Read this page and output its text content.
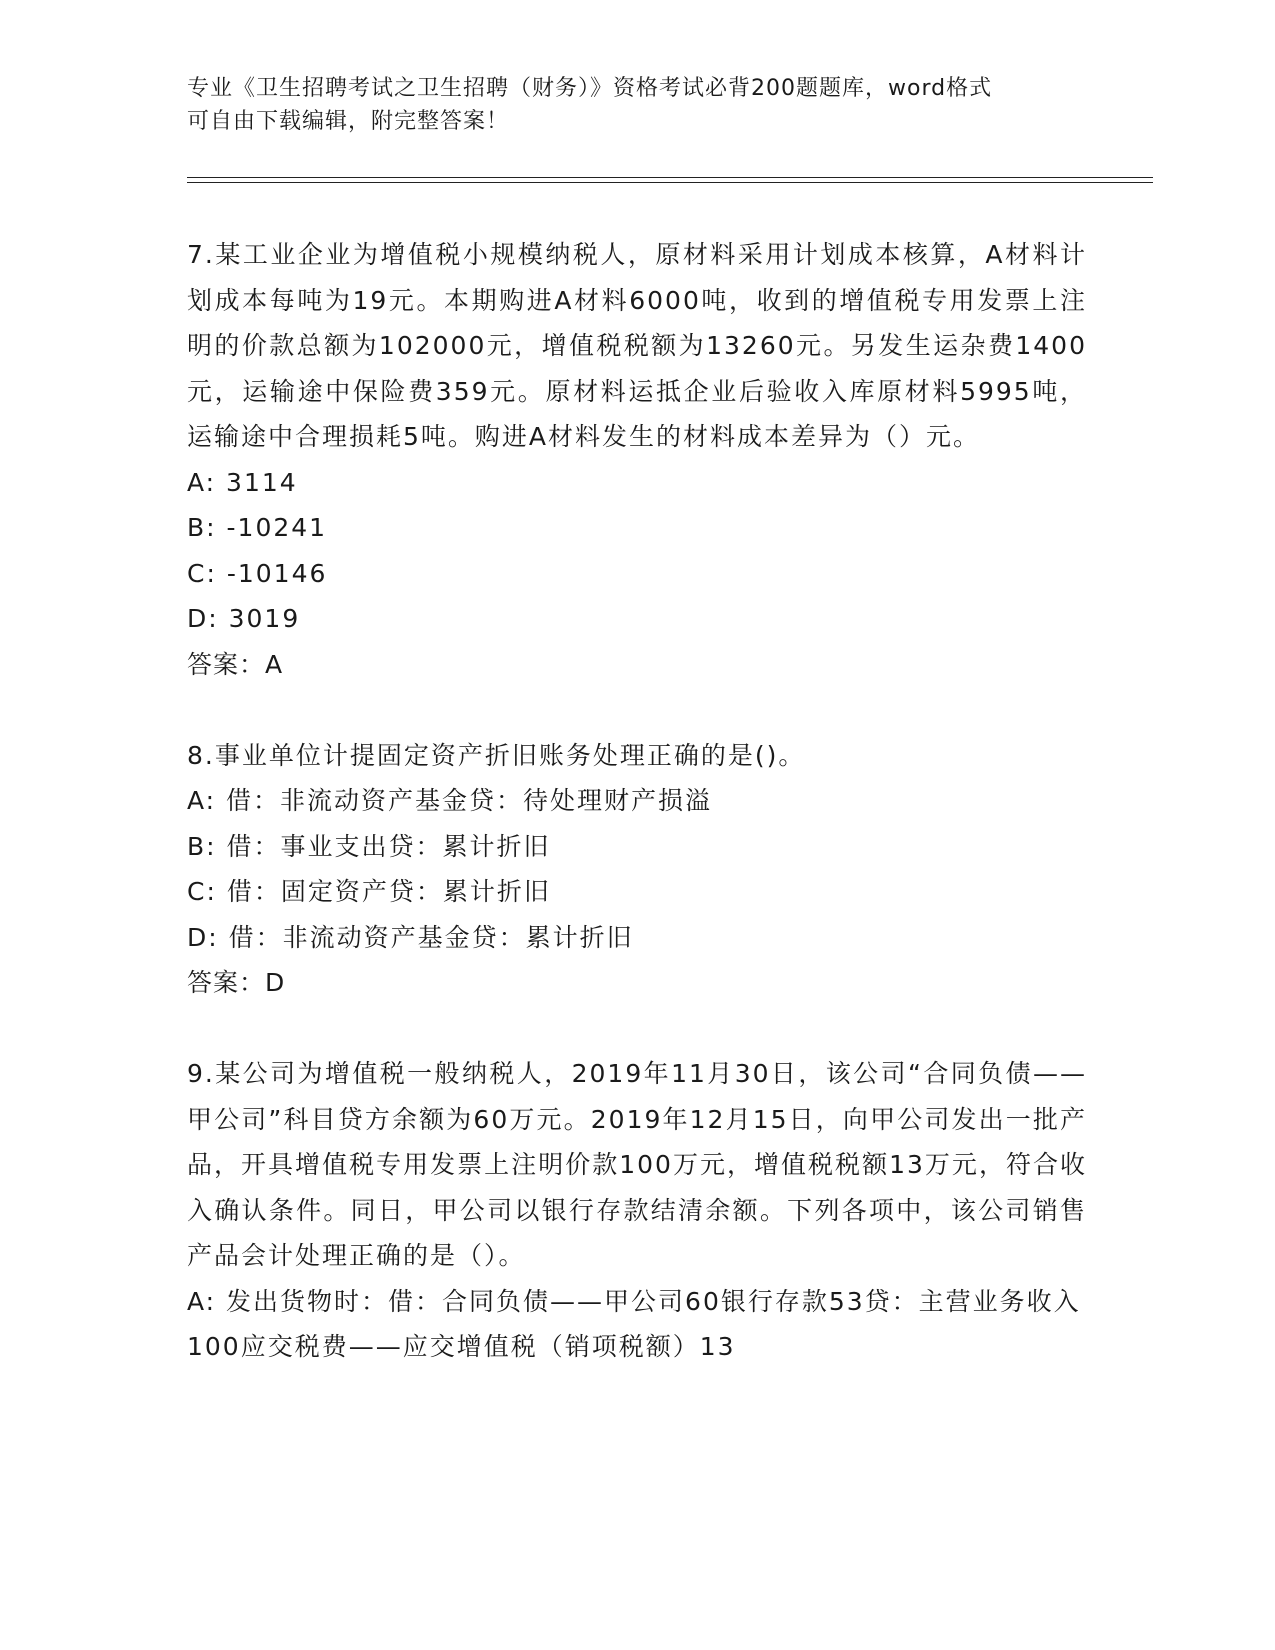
专业《卫生招聘考试之卫生招聘（财务）》资格考试必背200题题库，word格式
可自由下载编辑，附完整答案！

7.某工业企业为增值税小规模纳税人，原材料采用计划成本核算，A材料计划成本每吨为19元。本期购进A材料6000吨，收到的增值税专用发票上注明的价款总额为102000元，增值税税额为13260元。另发生运杂费1400元，运输途中保险费359元。原材料运抵企业后验收入库原材料5995吨，运输途中合理损耗5吨。购进A材料发生的材料成本差异为（）元。

A: 3114

B: -10241

C: -10146

D: 3019

答案：A

8.事业单位计提固定资产折旧账务处理正确的是()。

A: 借：非流动资产基金贷：待处理财产损溢

B: 借：事业支出贷：累计折旧

C: 借：固定资产贷：累计折旧

D: 借：非流动资产基金贷：累计折旧

答案：D

9.某公司为增值税一般纳税人，2019年11月30日，该公司“合同负债——甲公司”科目贷方余额为60万元。2019年12月15日，向甲公司发出一批产品，开具增值税专用发票上注明价款100万元，增值税税额13万元，符合收入确认条件。同日，甲公司以银行存款结清余额。下列各项中，该公司销售产品会计处理正确的是（）。

A: 发出货物时：借：合同负债——甲公司60银行存款53贷：主营业务收入100应交税费——应交增值税（销项税额）13
